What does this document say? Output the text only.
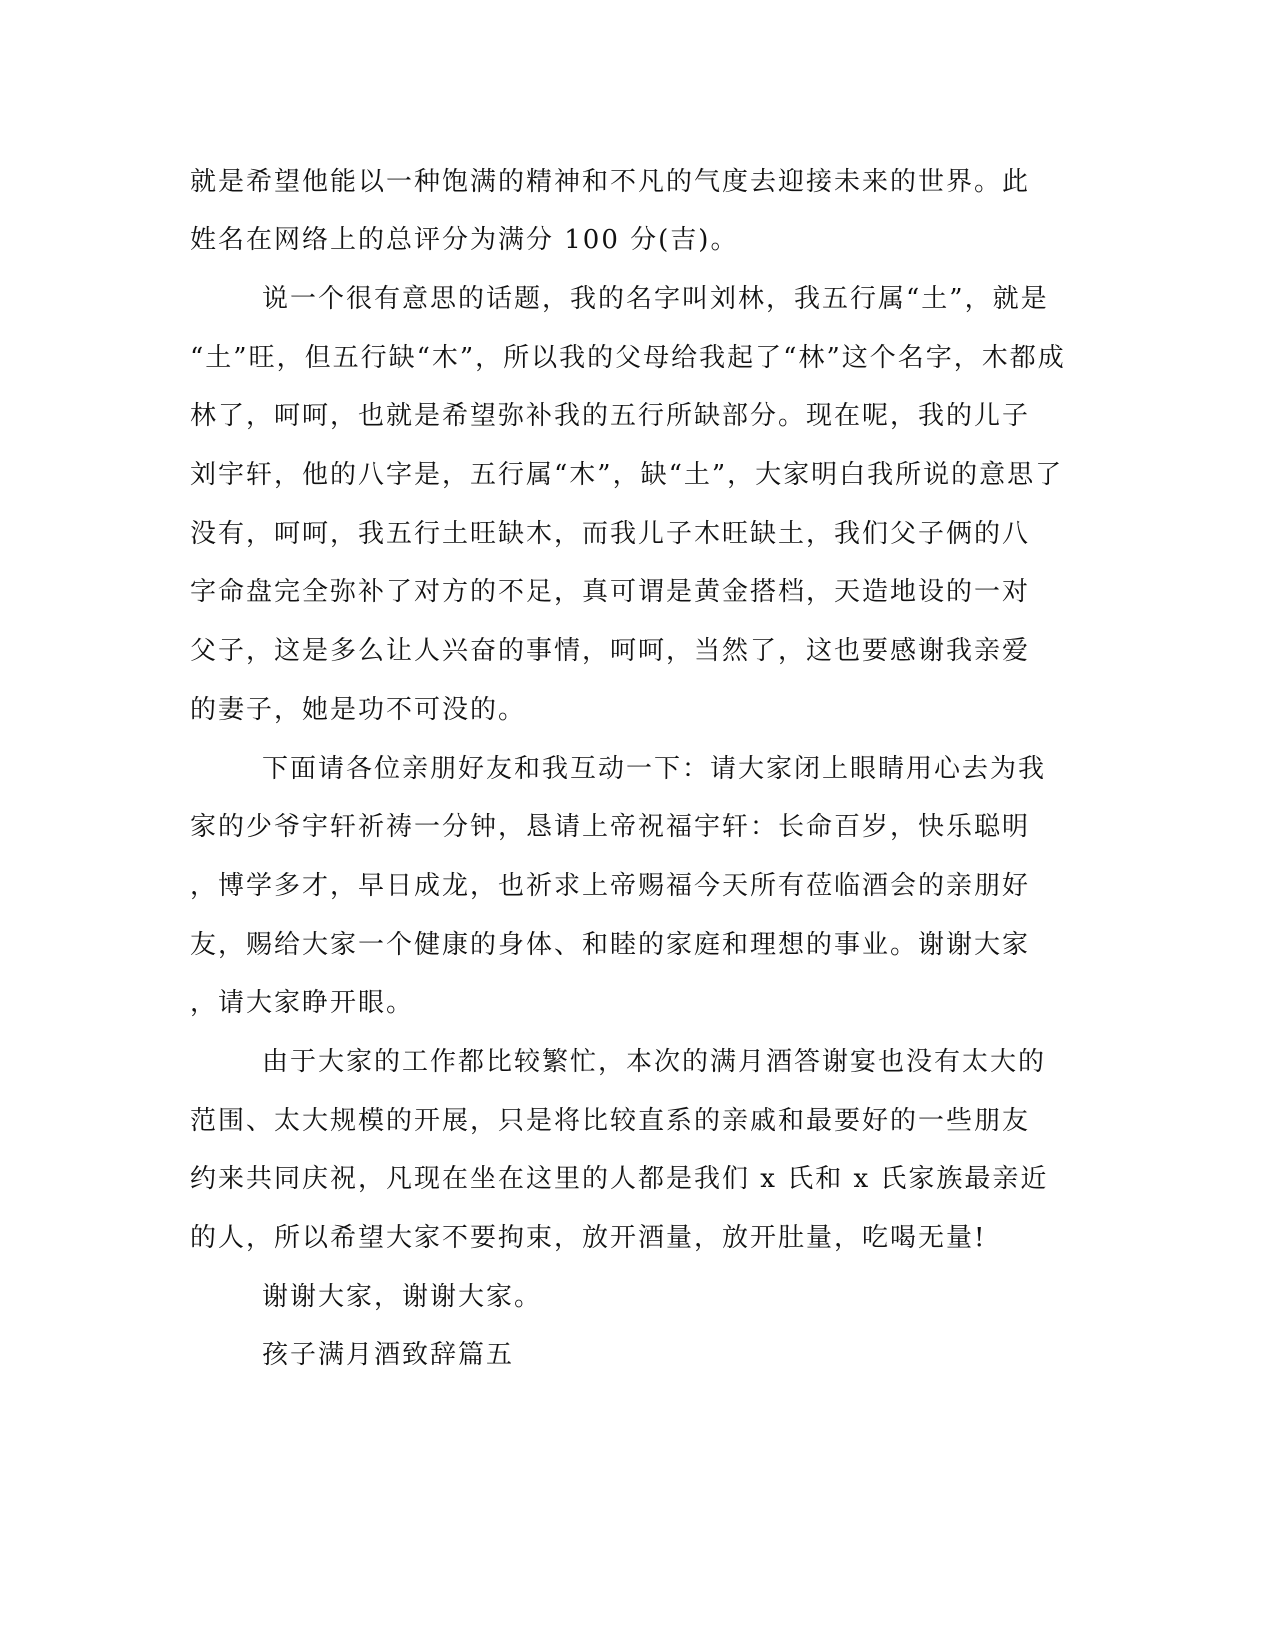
就是希望他能以一种饱满的精神和不凡的气度去迎接未来的世界。此
姓名在网络上的总评分为满分 100 分(吉)。
说一个很有意思的话题，我的名字叫刘林，我五行属“土”，就是
“土”旺，但五行缺“木”，所以我的父母给我起了“林”这个名字，木都成
林了，呵呵，也就是希望弥补我的五行所缺部分。现在呢，我的儿子
刘宇轩，他的八字是，五行属“木”，缺“土”，大家明白我所说的意思了
没有，呵呵，我五行土旺缺木，而我儿子木旺缺土，我们父子俩的八
字命盘完全弥补了对方的不足，真可谓是黄金搭档，天造地设的一对
父子，这是多么让人兴奋的事情，呵呵，当然了，这也要感谢我亲爱
的妻子，她是功不可没的。
下面请各位亲朋好友和我互动一下：请大家闭上眼睛用心去为我
家的少爷宇轩祈祷一分钟，恳请上帝祝福宇轩：长命百岁，快乐聪明
，博学多才，早日成龙，也祈求上帝赐福今天所有莅临酒会的亲朋好
友，赐给大家一个健康的身体、和睦的家庭和理想的事业。谢谢大家
，请大家睁开眼。
由于大家的工作都比较繁忙，本次的满月酒答谢宴也没有太大的
范围、太大规模的开展，只是将比较直系的亲戚和最要好的一些朋友
约来共同庆祝，凡现在坐在这里的人都是我们 x 氏和 x 氏家族最亲近
的人，所以希望大家不要拘束，放开酒量，放开肚量，吃喝无量!
谢谢大家，谢谢大家。
孩子满月酒致辞篇五
